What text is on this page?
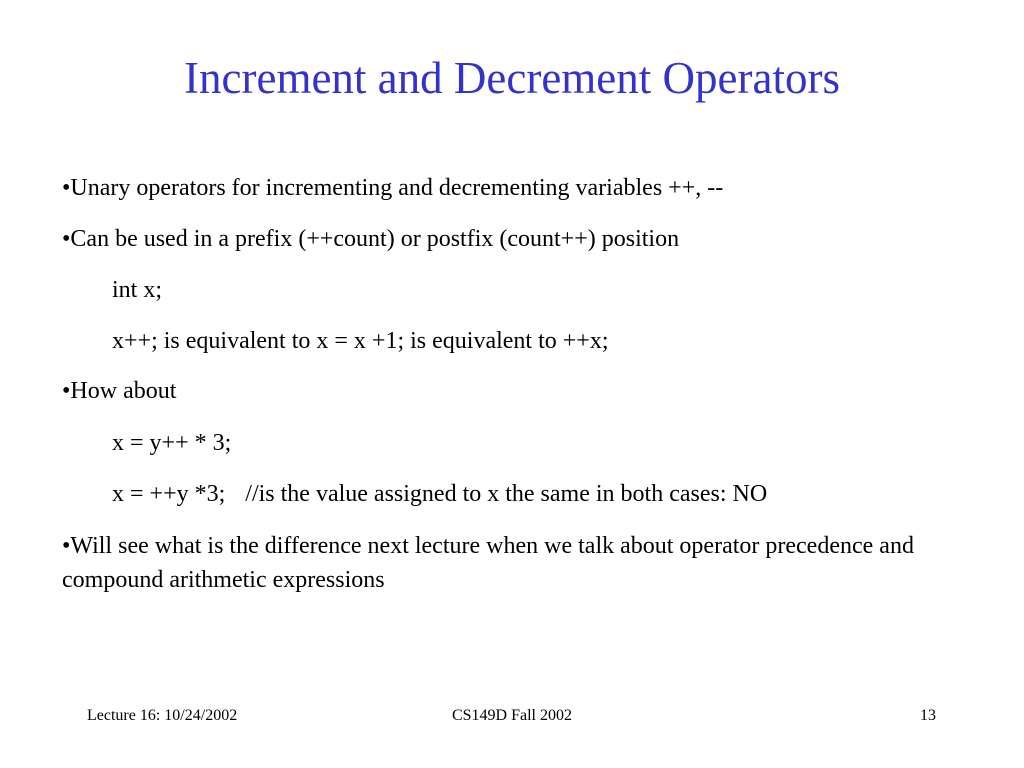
Increment and Decrement Operators
•Unary operators for incrementing and decrementing variables ++, --
•Can be used in a prefix (++count) or postfix (count++) position
int x;
x++; is equivalent to x = x +1; is equivalent to ++x;
•How about
x = y++ * 3;
x = ++y *3; //is the value assigned to x the same in both cases: NO
•Will see what is the difference next lecture when we talk about operator precedence and compound arithmetic expressions
Lecture 16: 10/24/2002	CS149D Fall 2002	13
